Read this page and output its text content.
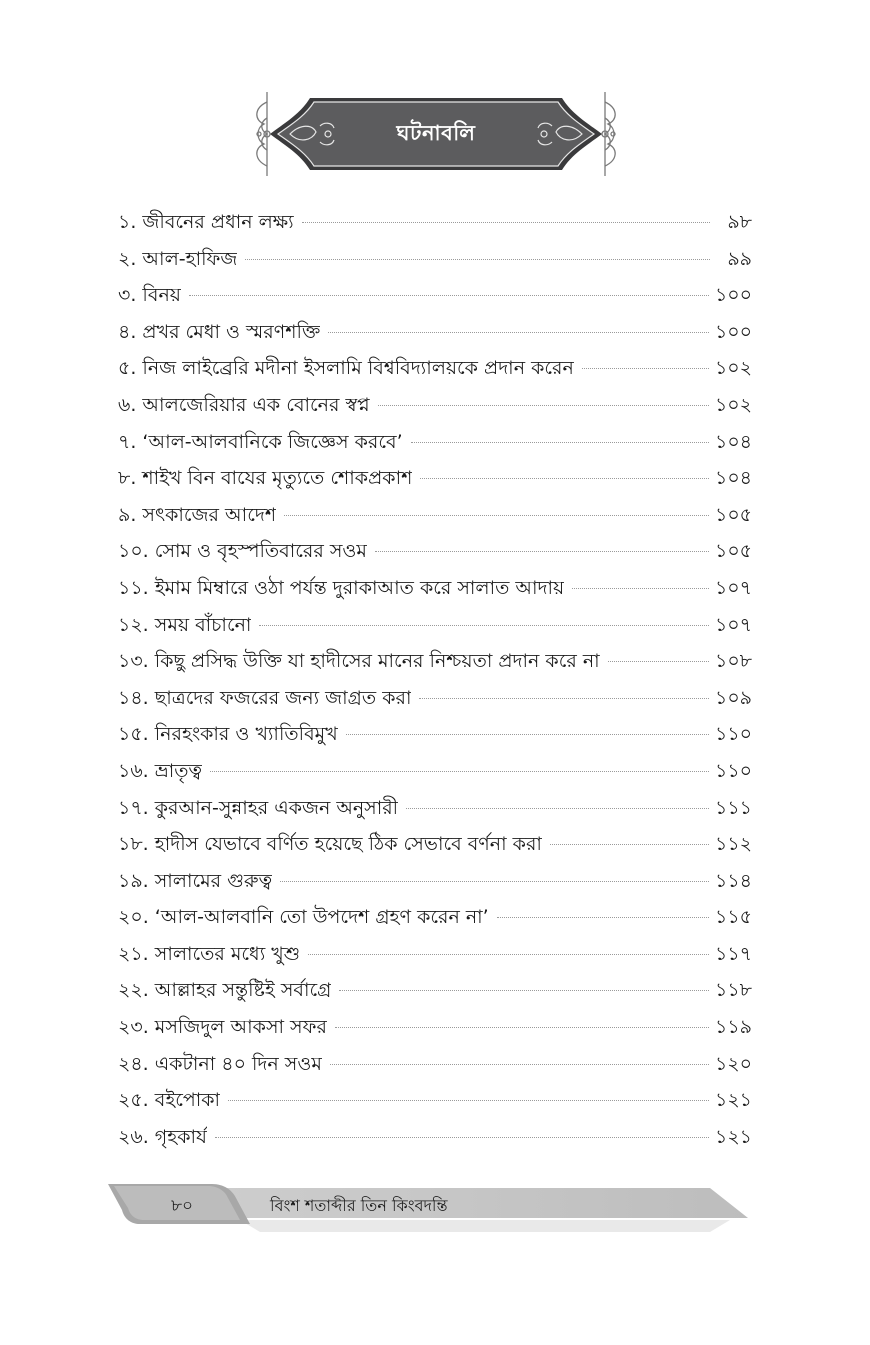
ঘটনাবলি
১. জীবনের প্রধান লক্ষ্য	৯৮
২. আল-হাফিজ	৯৯
৩. বিনয়	১০০
৪. প্রখর মেধা ও স্মরণশক্তি	১০০
৫. নিজ লাইব্রেরি মদীনা ইসলামি বিশ্ববিদ্যালয়কে প্রদান করেন	১০২
৬. আলজেরিয়ার এক বোনের স্বপ্ন	১০২
৭. ‘আল-আলবানিকে জিজ্ঞেস করবে’	১০৪
৮. শাইখ বিন বাযের মৃত্যুতে শোকপ্রকাশ	১০৪
৯. সৎকাজের আদেশ	১০৫
১০. সোম ও বৃহস্পতিবারের সওম	১০৫
১১. ইমাম মিম্বারে ওঠা পর্যন্ত দুরাকাআত করে সালাত আদায়	১০৭
১২. সময় বাঁচানো	১০৭
১৩. কিছু প্রসিদ্ধ উক্তি যা হাদীসের মানের নিশ্চয়তা প্রদান করে না	১০৮
১৪. ছাত্রদের ফজরের জন্য জাগ্রত করা	১০৯
১৫. নিরহংকার ও খ্যাতিবিমুখ	১১০
১৬. ভ্রাতৃত্ব	১১০
১৭. কুরআন-সুন্নাহর একজন অনুসারী	১১১
১৮. হাদীস যেভাবে বর্ণিত হয়েছে ঠিক সেভাবে বর্ণনা করা	১১২
১৯. সালামের গুরুত্ব	১১৪
২০. ‘আল-আলবানি তো উপদেশ গ্রহণ করেন না’	১১৫
২১. সালাতের মধ্যে খুশু	১১৭
২২. আল্লাহর সন্তুষ্টিই সর্বাগ্রে	১১৮
২৩. মসজিদুল আকসা সফর	১১৯
২৪. একটানা ৪০ দিন সওম	১২০
২৫. বইপোকা	১২১
২৬. গৃহকার্য	১২১
৮০	বিংশ শতাব্দীর তিন কিংবদন্তি
